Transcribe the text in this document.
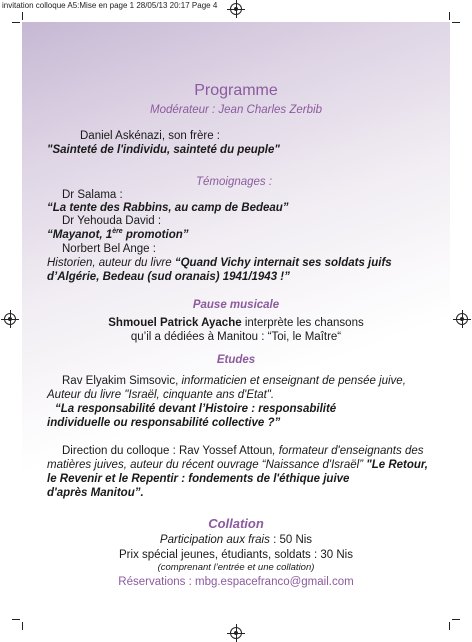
invitation colloque A5:Mise en page 1 28/05/13 20:17 Page 4
Programme
Modérateur : Jean Charles Zerbib
Daniel Askénazi, son frère :
"Sainteté de l'individu, sainteté du peuple"
Témoignages :
Dr Salama :
“La tente des Rabbins, au camp de Bedeau”
Dr Yehouda David :
“Mayanot, 1ère promotion”
Norbert Bel Ange :
Historien, auteur du livre “Quand Vichy internait ses soldats juifs
d’Algérie, Bedeau (sud oranais) 1941/1943 !”
Pause musicale
Shmouel Patrick Ayache interprète les chansons
qu’il a dédiées à Manitou : “Toi, le Maître“
Etudes
Rav Elyakim Simsovic, informaticien et enseignant de pensée juive,
Auteur du livre "Israël, cinquante ans d'Etat".
“La responsabilité devant l’Histoire : responsabilité
individuelle ou responsabilité collective ?”
Direction du colloque : Rav Yossef Attoun, formateur d'enseignants des
matières juives, auteur du récent ouvrage “Naissance d'Israël” "Le Retour,
le Revenir et le Repentir : fondements de l'éthique juive
d'après Manitou”.
Collation
Participation aux frais : 50 Nis
Prix spécial jeunes, étudiants, soldats : 30 Nis
(comprenant l’entrée et une collation)
Réservations : mbg.espacefranco@gmail.com
